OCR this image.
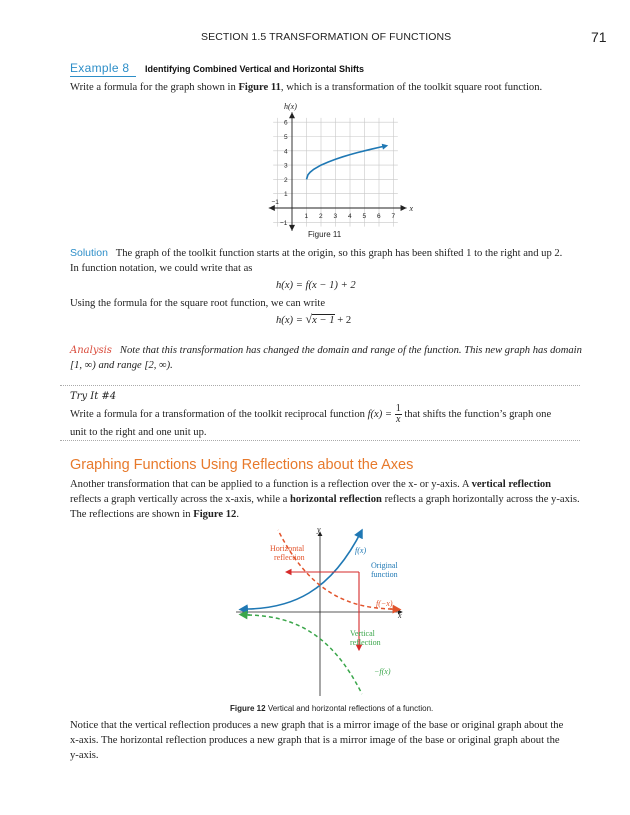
SECTION 1.5 TRANSFORMATION OF FUNCTIONS	71
Example 8 Identifying Combined Vertical and Horizontal Shifts
Write a formula for the graph shown in Figure 11, which is a transformation of the toolkit square root function.
x
h(x)
−1
1 2 3 4 5 6 7
−1
1
2
3
4
5
6
Figure 11
Solution The graph of the toolkit function starts at the origin, so this graph has been shifted 1 to the right and up 2.
In function notation, we could write that as
h(x) = f(x − 1) + 2
Using the formula for the square root function, we can write
h(x) = √x − 1 + 2
Analysis Note that this transformation has changed the domain and range of the function. This new graph has domain
[1, ∞) and range [2, ∞).
Try It #4
Write a formula for a transformation of the toolkit reciprocal function $f(x) = \frac{1}{x}$ that shifts the function’s graph one
unit to the right and one unit up.
Graphing Functions Using Reflections about the Axes
Another transformation that can be applied to a function is a reflection over the x- or y-axis. A vertical reflection
reflects a graph vertically across the x-axis, while a horizontal reflection reflects a graph horizontally across the y-axis.
The reflections are shown in Figure 12.
Horizontal
reflection
f(x)
Original
function
f(−x)
Vertical
reflection
−f(x)
x
y
Figure 12 Vertical and horizontal reflections of a function.
Notice that the vertical reflection produces a new graph that is a mirror image of the base or original graph about the
x-axis. The horizontal reflection produces a new graph that is a mirror image of the base or original graph about the
y-axis.
